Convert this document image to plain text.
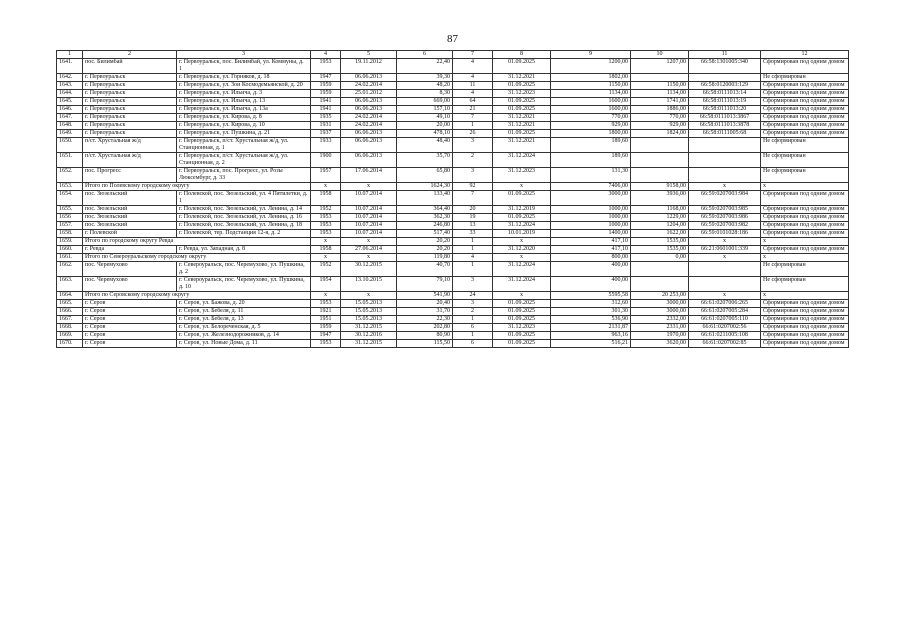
87
1	2	3	4	5	6	7	8	9	10	11	12
1641.	пос. Билимбай	г. Первоуральск, пос. Билимбай, ул. Коммуны, д. 1	1953	19.11.2012	22,40	4	01.09.2025	1200,00	1207,00	66:58:1301005:340	Сформирован под одним домом
1642.	г. Первоуральск	г. Первоуральск, ул. Горняков, д. 18	1947	06.06.2013	39,30	4	31.12.2021	1802,00			Не сформирован
1643.	г. Первоуральск	г. Первоуральск, ул. Зои Космодемьянской, д. 20	1959	24.02.2014	48,20	11	01.09.2025	1150,00	1150,00	66:58:0120003:129	Сформирован под одним домом
1644.	г. Первоуральск	г. Первоуральск, ул. Ильича, д. 3	1959	25.01.2012	8,30	4	31.12.2023	1134,00	1134,00	66:58:0111013:14	Сформирован под одним домом
1645.	г. Первоуральск	г. Первоуральск, ул. Ильича, д. 13	1941	06.06.2013	669,00	64	01.09.2025	1600,00	1741,00	66:58:0111013:19	Сформирован под одним домом
1646.	г. Первоуральск	г. Первоуральск, ул. Ильича, д. 13а	1941	06.06.2013	157,10	21	01.09.2025	1600,00	1886,00	66:58:0111013:20	Сформирован под одним домом
1647.	г. Первоуральск	г. Первоуральск, ул. Кирова, д. 8	1935	24.02.2014	49,10	7	31.12.2021	770,00	770,00	66:58:0111013:3867	Сформирован под одним домом
1648.	г. Первоуральск	г. Первоуральск, ул. Кирова, д. 10	1931	24.02.2014	20,00	1	31.12.2021	929,00	929,00	66:58:0111013:3878	Сформирован под одним домом
1649.	г. Первоуральск	г. Первоуральск, ул. Пушкина, д. 21	1937	06.06.2013	478,10	26	01.09.2025	1800,00	1824,00	66:58:0111005:68	Сформирован под одним домом
1650.	п/ст. Хрустальная ж/д	г. Первоуральск, п/ст. Хрустальная ж/д, ул. Станционная, д. 1	1933	06.06.2013	48,40	3	31.12.2021	189,60			Не сформирован
1651.	п/ст. Хрустальная ж/д	г. Первоуральск, п/ст. Хрустальная ж/д, ул. Станционная, д. 2	1900	06.06.2013	35,70	2	31.12.2024	189,60			Не сформирован
1652.	пос. Прогресс	г. Первоуральск, пос. Прогресс, ул. Розы Люксембург, д. 33	1957	17.06.2014	65,80	3	31.12.2023	131,30			Не сформирован
1653.	Итого по Полевскому городскому округу		x	x	1624,30	92	x	7406,00	9158,00	x	x
1654.	пос. Зюзельский	г. Полевской, пос. Зюзельский, ул. 4 Пятилетки, д. 1	1958	10.07.2014	133,40	7	01.09.2025	3000,00	3936,00	66:59:0207003:984	Сформирован под одним домом
1655.	пос. Зюзельский	г. Полевской, пос. Зюзельский, ул. Ленина, д. 14	1952	10.07.2014	364,40	20	31.12.2019	1000,00	1168,00	66:59:0207003:985	Сформирован под одним домом
1656	пос. Зюзельский	г. Полевской, пос. Зюзельский, ул. Ленина, д. 16	1953	10.07.2014	362,30	19	01.09.2025	1000,00	1229,00	66:59:0207003:986	Сформирован под одним домом
1657.	пос. Зюзельский	г. Полевской, пос. Зюзельский, ул. Ленина, д. 18	1953	10.07.2014	246,80	13	31.12.2024	1000,00	1204,00	66:59:0207003:982	Сформирован под одним домом
1658.	г. Полевской	г. Полевской, тер. Подстанция 12-я, д. 2	1953	10.07.2014	517,40	33	10.01.2019	1400,00	1622,00	66:59:0101028:186	Сформирован под одним домом
1659.	Итого по городскому округу Ревда		x	x	20,20	1	x	417,10	1535,00	x	x
1660.	г. Ревда	г. Ревда, ул. Западная, д. 8	1958	27.06.2014	20,20	1	31.12.2020	417,10	1535,00	66:21:0601001:339	Сформирован под одним домом
1661.	Итого по Североуральскому городскому округу		x	x	119,80	4	x	800,00	0,00	x	x
1662.	пос. Черемухово	г. Североуральск, пос. Черемухово, ул. Пушкина, д. 2	1952	30.12.2015	40,70	1	31.12.2024	400,00			Не сформирован
1663.	пос. Черемухово	г. Североуральск, пос. Черемухово, ул. Пушкина, д. 10	1954	13.10.2015	79,10	3	31.12.2024	400,00			Не сформирован
1664.	Итого по Серовскому городскому округу		x	x	541,90	24	x	5595,58	20 253,00	x	x
1665.	г. Серов	г. Серов, ул. Бажова, д. 20	1953	15.05.2013	20,40	3	01.09.2025	312,60	3000,00	66:61:0207006:265	Сформирован под одним домом
1666.	г. Серов	г. Серов, ул. Бебеля, д. 11	1921	15.05.2013	31,70	2	01.09.2025	301,30	3000,00	66:61:0207005:284	Сформирован под одним домом
1667.	г. Серов	г. Серов, ул. Бебеля, д. 13	1951	15.05.2013	22,30	1	01.09.2025	536,90	2332,00	66:61:0207005:110	Сформирован под одним домом
1668.	г. Серов	г. Серов, ул. Белореченская, д. 5	1959	31.12.2015	202,80	6	31.12.2023	2131,87	2331,00	66:61:0207002:56	Сформирован под одним домом
1669.	г. Серов	г. Серов, ул. Железнодорожников, д. 14	1947	30.12.2016	80,90	1	01.09.2025	963,16	1970,00	66:61:0211005:108	Сформирован под одним домом
1670.	г. Серов	г. Серов, ул. Новые Дома, д. 11	1953	31.12.2015	115,50	6	01.09.2025	516,21	3620,00	66:61:0207002:85	Сформирован под одним домом
